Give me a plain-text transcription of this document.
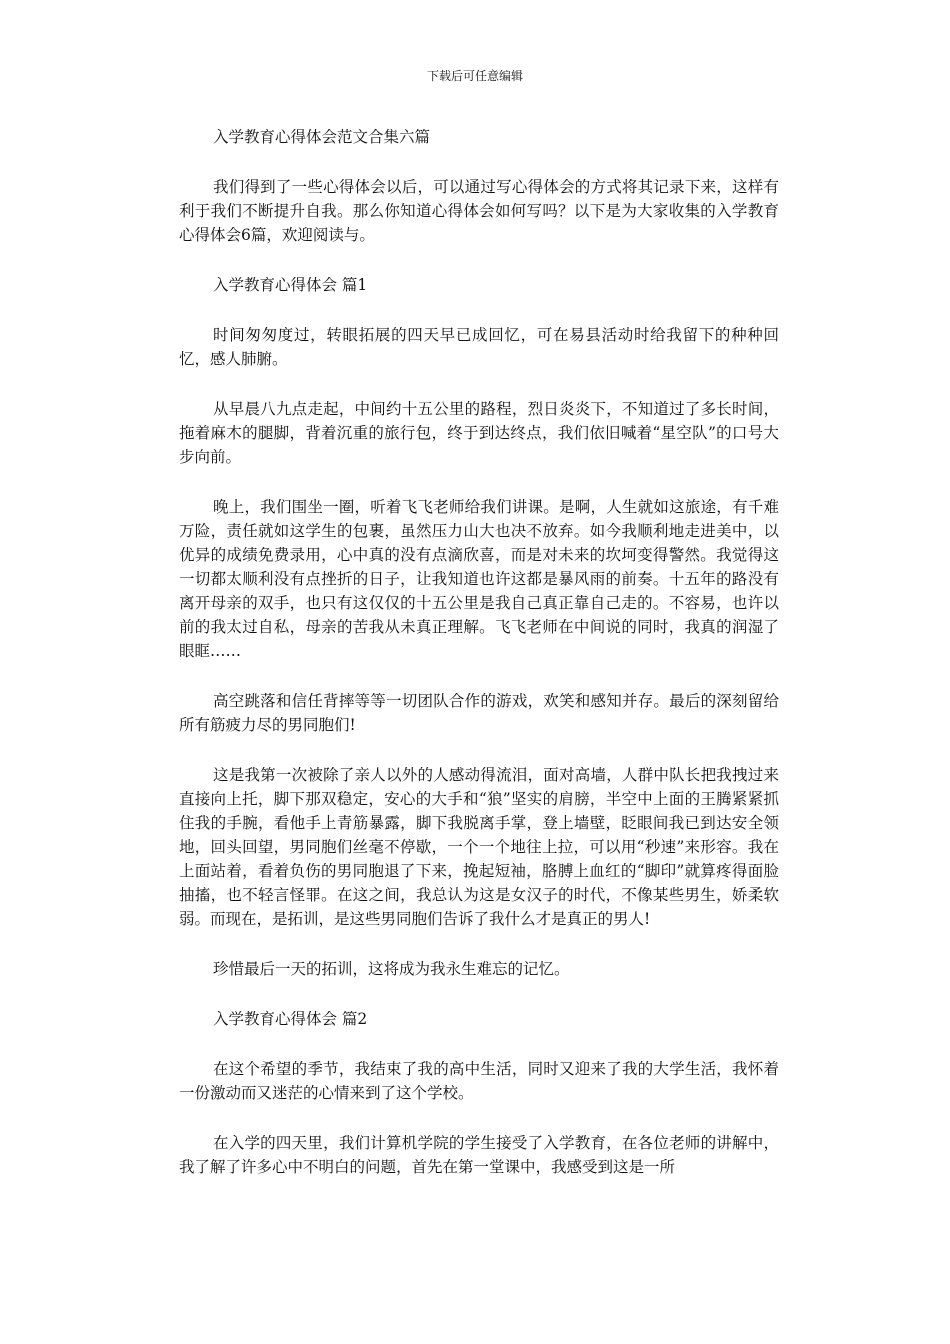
下载后可任意编辑

入学教育心得体会范文合集六篇

我们得到了一些心得体会以后，可以通过写心得体会的方式将其记录下来，这样有利于我们不断提升自我。那么你知道心得体会如何写吗？以下是为大家收集的入学教育心得体会6篇，欢迎阅读与。

入学教育心得体会 篇1

时间匆匆度过，转眼拓展的四天早已成回忆，可在易县活动时给我留下的种种回忆，感人肺腑。

从早晨八九点走起，中间约十五公里的路程，烈日炎炎下，不知道过了多长时间，拖着麻木的腿脚，背着沉重的旅行包，终于到达终点，我们依旧喊着“星空队”的口号大步向前。

晚上，我们围坐一圈，听着飞飞老师给我们讲课。是啊，人生就如这旅途，有千难万险，责任就如这学生的包裹，虽然压力山大也决不放弃。如今我顺利地走进美中，以优异的成绩免费录用，心中真的没有点滴欣喜，而是对未来的坎坷变得警然。我觉得这一切都太顺利没有点挫折的日子，让我知道也许这都是暴风雨的前奏。十五年的路没有离开母亲的双手，也只有这仅仅的十五公里是我自己真正靠自己走的。不容易，也许以前的我太过自私，母亲的苦我从未真正理解。飞飞老师在中间说的同时，我真的润湿了眼眶……

高空跳落和信任背摔等等一切团队合作的游戏，欢笑和感知并存。最后的深刻留给所有筋疲力尽的男同胞们!

这是我第一次被除了亲人以外的人感动得流泪，面对高墙，人群中队长把我拽过来直接向上托，脚下那双稳定，安心的大手和“狼”坚实的肩膀，半空中上面的王腾紧紧抓住我的手腕，看他手上青筋暴露，脚下我脱离手掌，登上墙壁，眨眼间我已到达安全领地，回头回望，男同胞们丝毫不停歇，一个一个地往上拉，可以用“秒速”来形容。我在上面站着，看着负伤的男同胞退了下来，挽起短袖，胳膊上血红的“脚印”就算疼得面脸抽搐，也不轻言怪罪。在这之间，我总认为这是女汉子的时代，不像某些男生，娇柔软弱。而现在，是拓训，是这些男同胞们告诉了我什么才是真正的男人!

珍惜最后一天的拓训，这将成为我永生难忘的记忆。

入学教育心得体会 篇2

在这个希望的季节，我结束了我的高中生活，同时又迎来了我的大学生活，我怀着一份激动而又迷茫的心情来到了这个学校。

在入学的四天里，我们计算机学院的学生接受了入学教育，在各位老师的讲解中，我了解了许多心中不明白的问题，首先在第一堂课中，我感受到这是一所
